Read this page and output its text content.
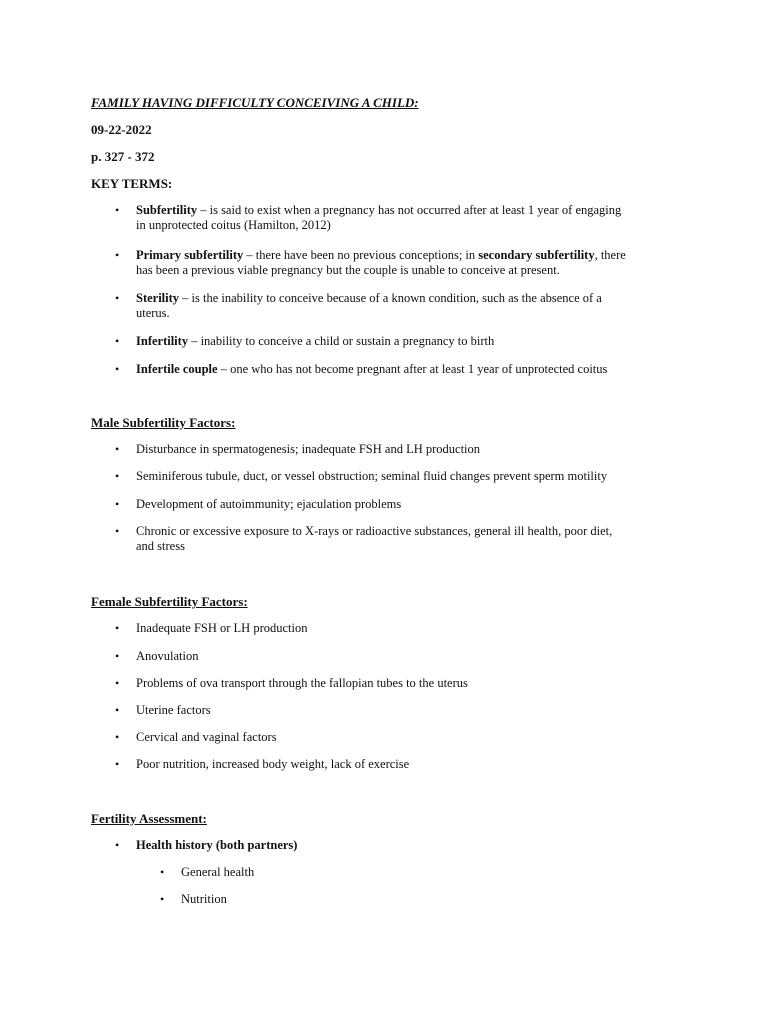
FAMILY HAVING DIFFICULTY CONCEIVING A CHILD:
09-22-2022
p. 327 - 372
KEY TERMS:
• Subfertility – is said to exist when a pregnancy has not occurred after at least 1 year of engaging
in unprotected coitus (Hamilton, 2012)
• Primary subfertility – there have been no previous conceptions; in secondary subfertility, there
has been a previous viable pregnancy but the couple is unable to conceive at present.
• Sterility – is the inability to conceive because of a known condition, such as the absence of a
uterus.
• Infertility – inability to conceive a child or sustain a pregnancy to birth
• Infertile couple – one who has not become pregnant after at least 1 year of unprotected coitus
Male Subfertility Factors:
• Disturbance in spermatogenesis; inadequate FSH and LH production
• Seminiferous tubule, duct, or vessel obstruction; seminal fluid changes prevent sperm motility
• Development of autoimmunity; ejaculation problems
• Chronic or excessive exposure to X-rays or radioactive substances, general ill health, poor diet,
and stress
Female Subfertility Factors:
• Inadequate FSH or LH production
• Anovulation
• Problems of ova transport through the fallopian tubes to the uterus
• Uterine factors
• Cervical and vaginal factors
• Poor nutrition, increased body weight, lack of exercise
Fertility Assessment:
• Health history (both partners)
• General health
• Nutrition
